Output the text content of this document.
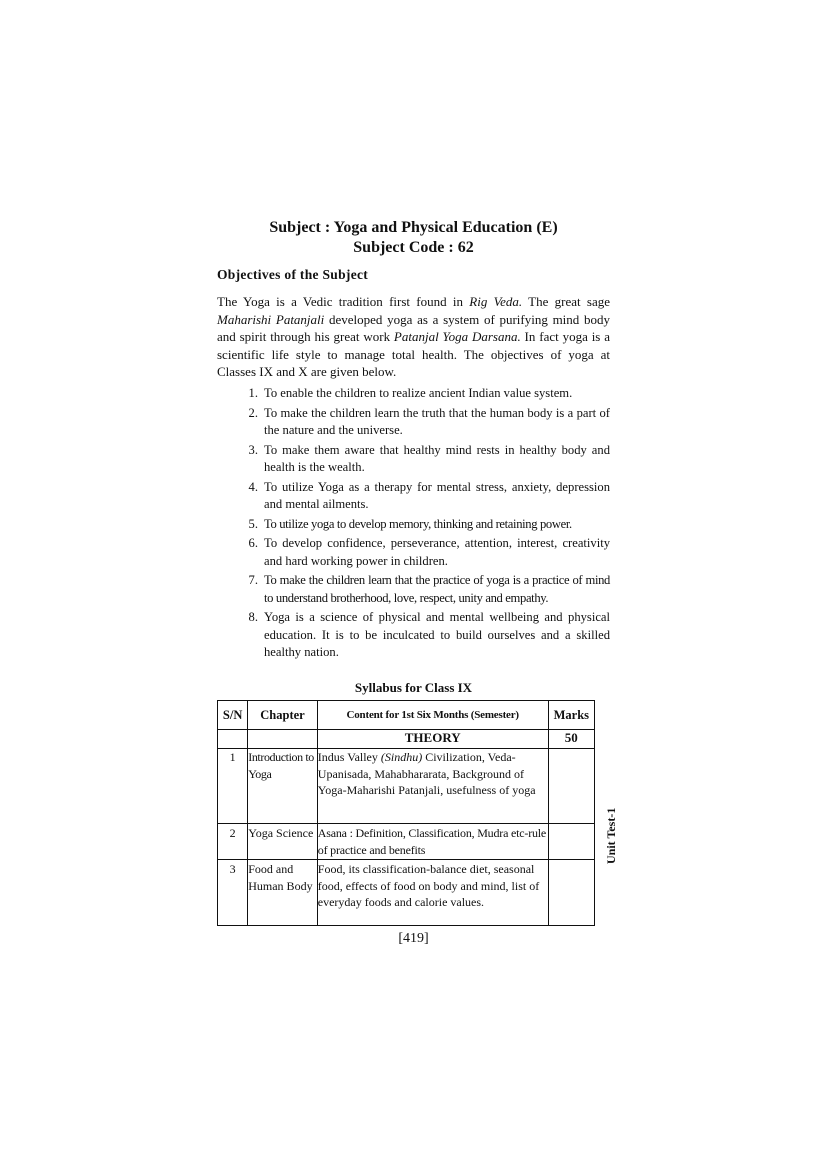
Subject : Yoga and Physical Education (E)
Subject Code : 62
Objectives of the Subject
The Yoga is a Vedic tradition first found in Rig Veda. The great sage Maharishi Patanjali developed yoga as a system of purifying mind body and spirit through his great work Patanjal Yoga Darsana. In fact yoga is a scientific life style to manage total health. The objectives of yoga at Classes IX and X are given below.
1. To enable the children to realize ancient Indian value system.
2. To make the children learn the truth that the human body is a part of the nature and the universe.
3. To make them aware that healthy mind rests in healthy body and health is the wealth.
4. To utilize Yoga as a therapy for mental stress, anxiety, depression and mental ailments.
5. To utilize yoga to develop memory, thinking and retaining power.
6. To develop confidence, perseverance, attention, interest, creativity and hard working power in children.
7. To make the children learn that the practice of yoga is a practice of mind to understand brotherhood, love, respect, unity and empathy.
8. Yoga is a science of physical and mental wellbeing and physical education. It is to be inculcated to build ourselves and a skilled healthy nation.
Syllabus for Class IX
S/N	Chapter	Content for 1st Six Months (Semester)	Marks
		THEORY	50
1	Introduction to Yoga	Indus Valley (Sindhu) Civilization, Veda-Upanisada, Mahabhararata, Background of Yoga-Maharishi Patanjali, usefulness of yoga	
2	Yoga Science	Asana : Definition, Classification, Mudra etc-rule of practice and benefits	
3	Food and Human Body	Food, its classification-balance diet, seasonal food, effects of food on body and mind, list of everyday foods and calorie values.	
Unit Test-1
[419]
